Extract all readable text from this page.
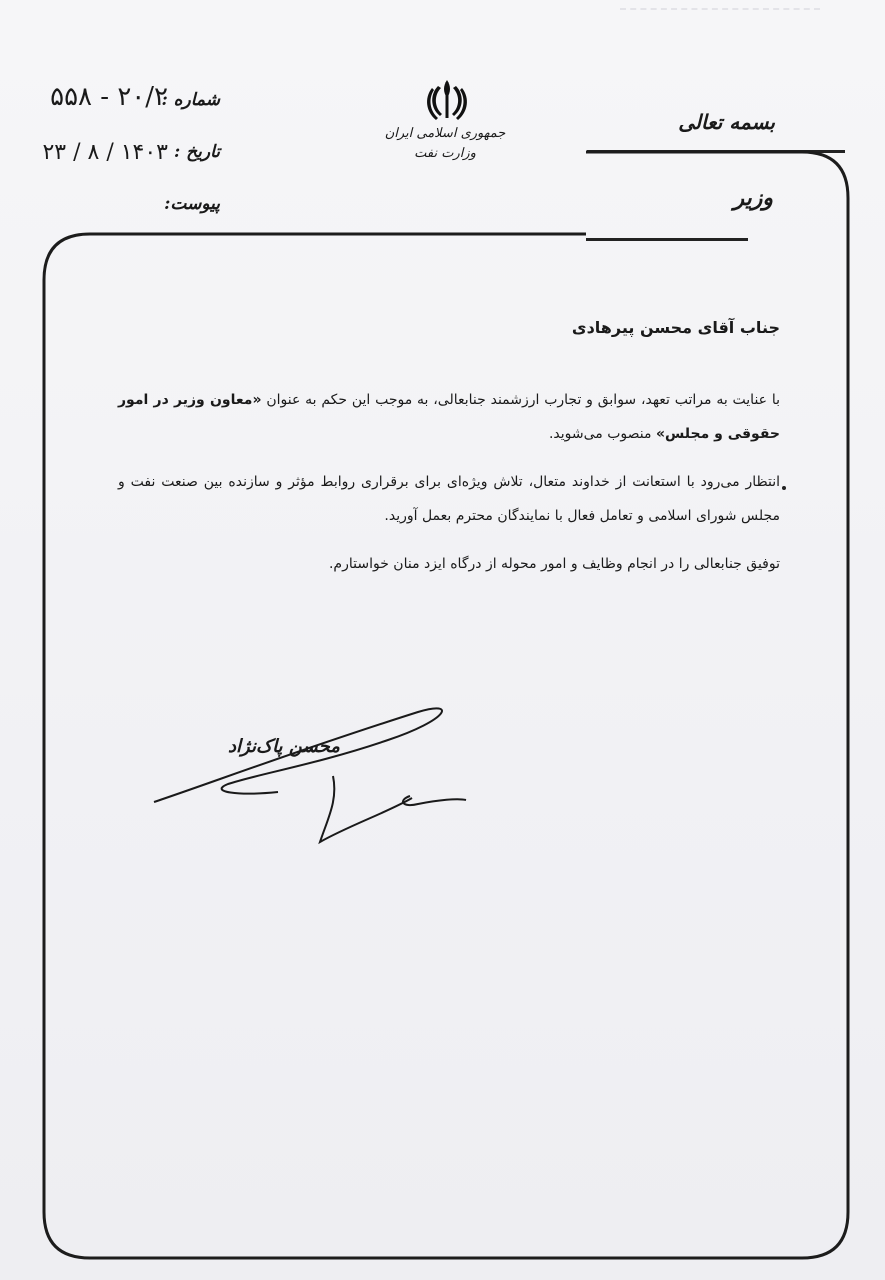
جمهوری اسلامی ایران
وزارت نفت
شماره :
۲۰/۲ - ۵۵۸
تاریخ :
۱۴۰۳ / ۸ / ۲۳
پیوست:
بسمه تعالی
وزیر

جناب آقای محسن پیرهادی

با عنایت به مراتب تعهد، سوابق و تجارب ارزشمند جنابعالی، به موجب این حکم به عنوان «معاون وزیر در امور حقوقی و مجلس» منصوب می‌شوید.

انتظار می‌رود با استعانت از خداوند متعال، تلاش ویژه‌ای برای برقراری روابط مؤثر و سازنده بین صنعت نفت و مجلس شورای اسلامی و تعامل فعال با نمایندگان محترم بعمل آورید.

توفیق جنابعالی را در انجام وظایف و امور محوله از درگاه ایزد منان خواستارم.

محسن پاک‌نژاد
